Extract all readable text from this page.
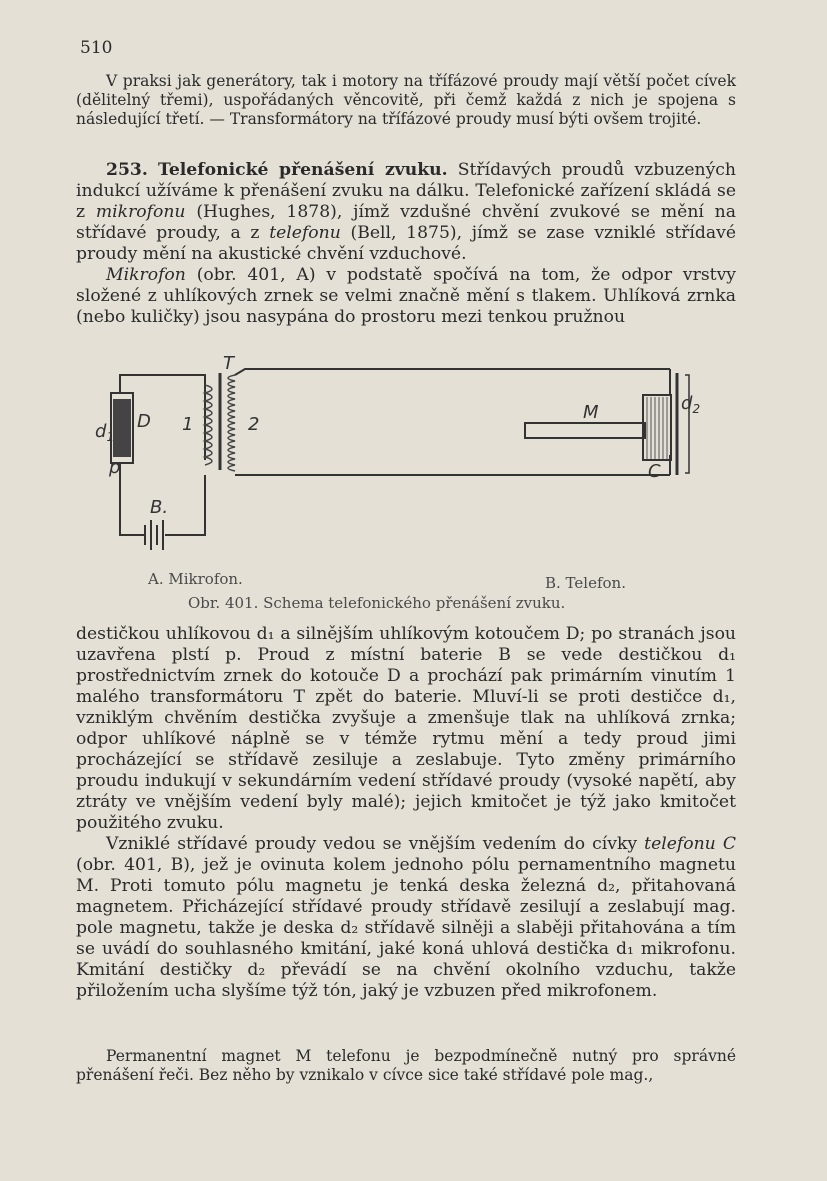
510

V praksi jak generátory, tak i motory na třífázové proudy mají větší počet cívek (dělitelný třemi), uspořádaných věncovitě, při čemž každá z nich je spojena s následující třetí. — Transformátory na třífázové proudy musí býti ovšem trojité.

253. Telefonické přenášení zvuku. Střídavých proudů vzbuzených indukcí užíváme k přenášení zvuku na dálku. Telefonické zařízení skládá se z mikrofonu (Hughes, 1878), jímž vzdušné chvění zvukové se mění na střídavé proudy, a z telefonu (Bell, 1875), jímž se zase vzniklé střídavé proudy mění na akustické chvění vzduchové.

Mikrofon (obr. 401, A) v podstatě spočívá na tom, že odpor vrstvy složené z uhlíkových zrnek se velmi značně mění s tlakem. Uhlíková zrnka (nebo kuličky) jsou nasypána do prostoru mezi tenkou pružnou

T
D
$d_1$
p
1	2
M
C
$d_2$
B.
A. Mikrofon.	B. Telefon.
Obr. 401. Schema telefonického přenášení zvuku.

destičkou uhlíkovou d₁ a silnějším uhlíkovým kotoučem D; po stranách jsou uzavřena plstí p. Proud z místní baterie B se vede destičkou d₁ prostřednictvím zrnek do kotouče D a prochází pak primárním vinutím 1 malého transformátoru T zpět do baterie. Mluví-li se proti destičce d₁, vzniklým chvěním destička zvyšuje a zmenšuje tlak na uhlíková zrnka; odpor uhlíkové náplně se v témže rytmu mění a tedy proud jimi procházející se střídavě zesiluje a zeslabuje. Tyto změny primárního proudu indukují v sekundárním vedení střídavé proudy (vysoké napětí, aby ztráty ve vnějším vedení byly malé); jejich kmitočet je týž jako kmitočet použitého zvuku.

Vzniklé střídavé proudy vedou se vnějším vedením do cívky telefonu C (obr. 401, B), jež je ovinuta kolem jednoho pólu pernamentního magnetu M. Proti tomuto pólu magnetu je tenká deska železná d₂, přitahovaná magnetem. Přicházející střídavé proudy střídavě zesilují a zeslabují mag. pole magnetu, takže je deska d₂ střídavě silněji a slaběji přitahována a tím se uvádí do souhlasného kmitání, jaké koná uhlová destička d₁ mikrofonu. Kmitání destičky d₂ převádí se na chvění okolního vzduchu, takže přiložením ucha slyšíme týž tón, jaký je vzbuzen před mikrofonem.

Permanentní magnet M telefonu je bezpodmínečně nutný pro správné přenášení řeči. Bez něho by vznikalo v cívce sice také střídavé pole mag.,
